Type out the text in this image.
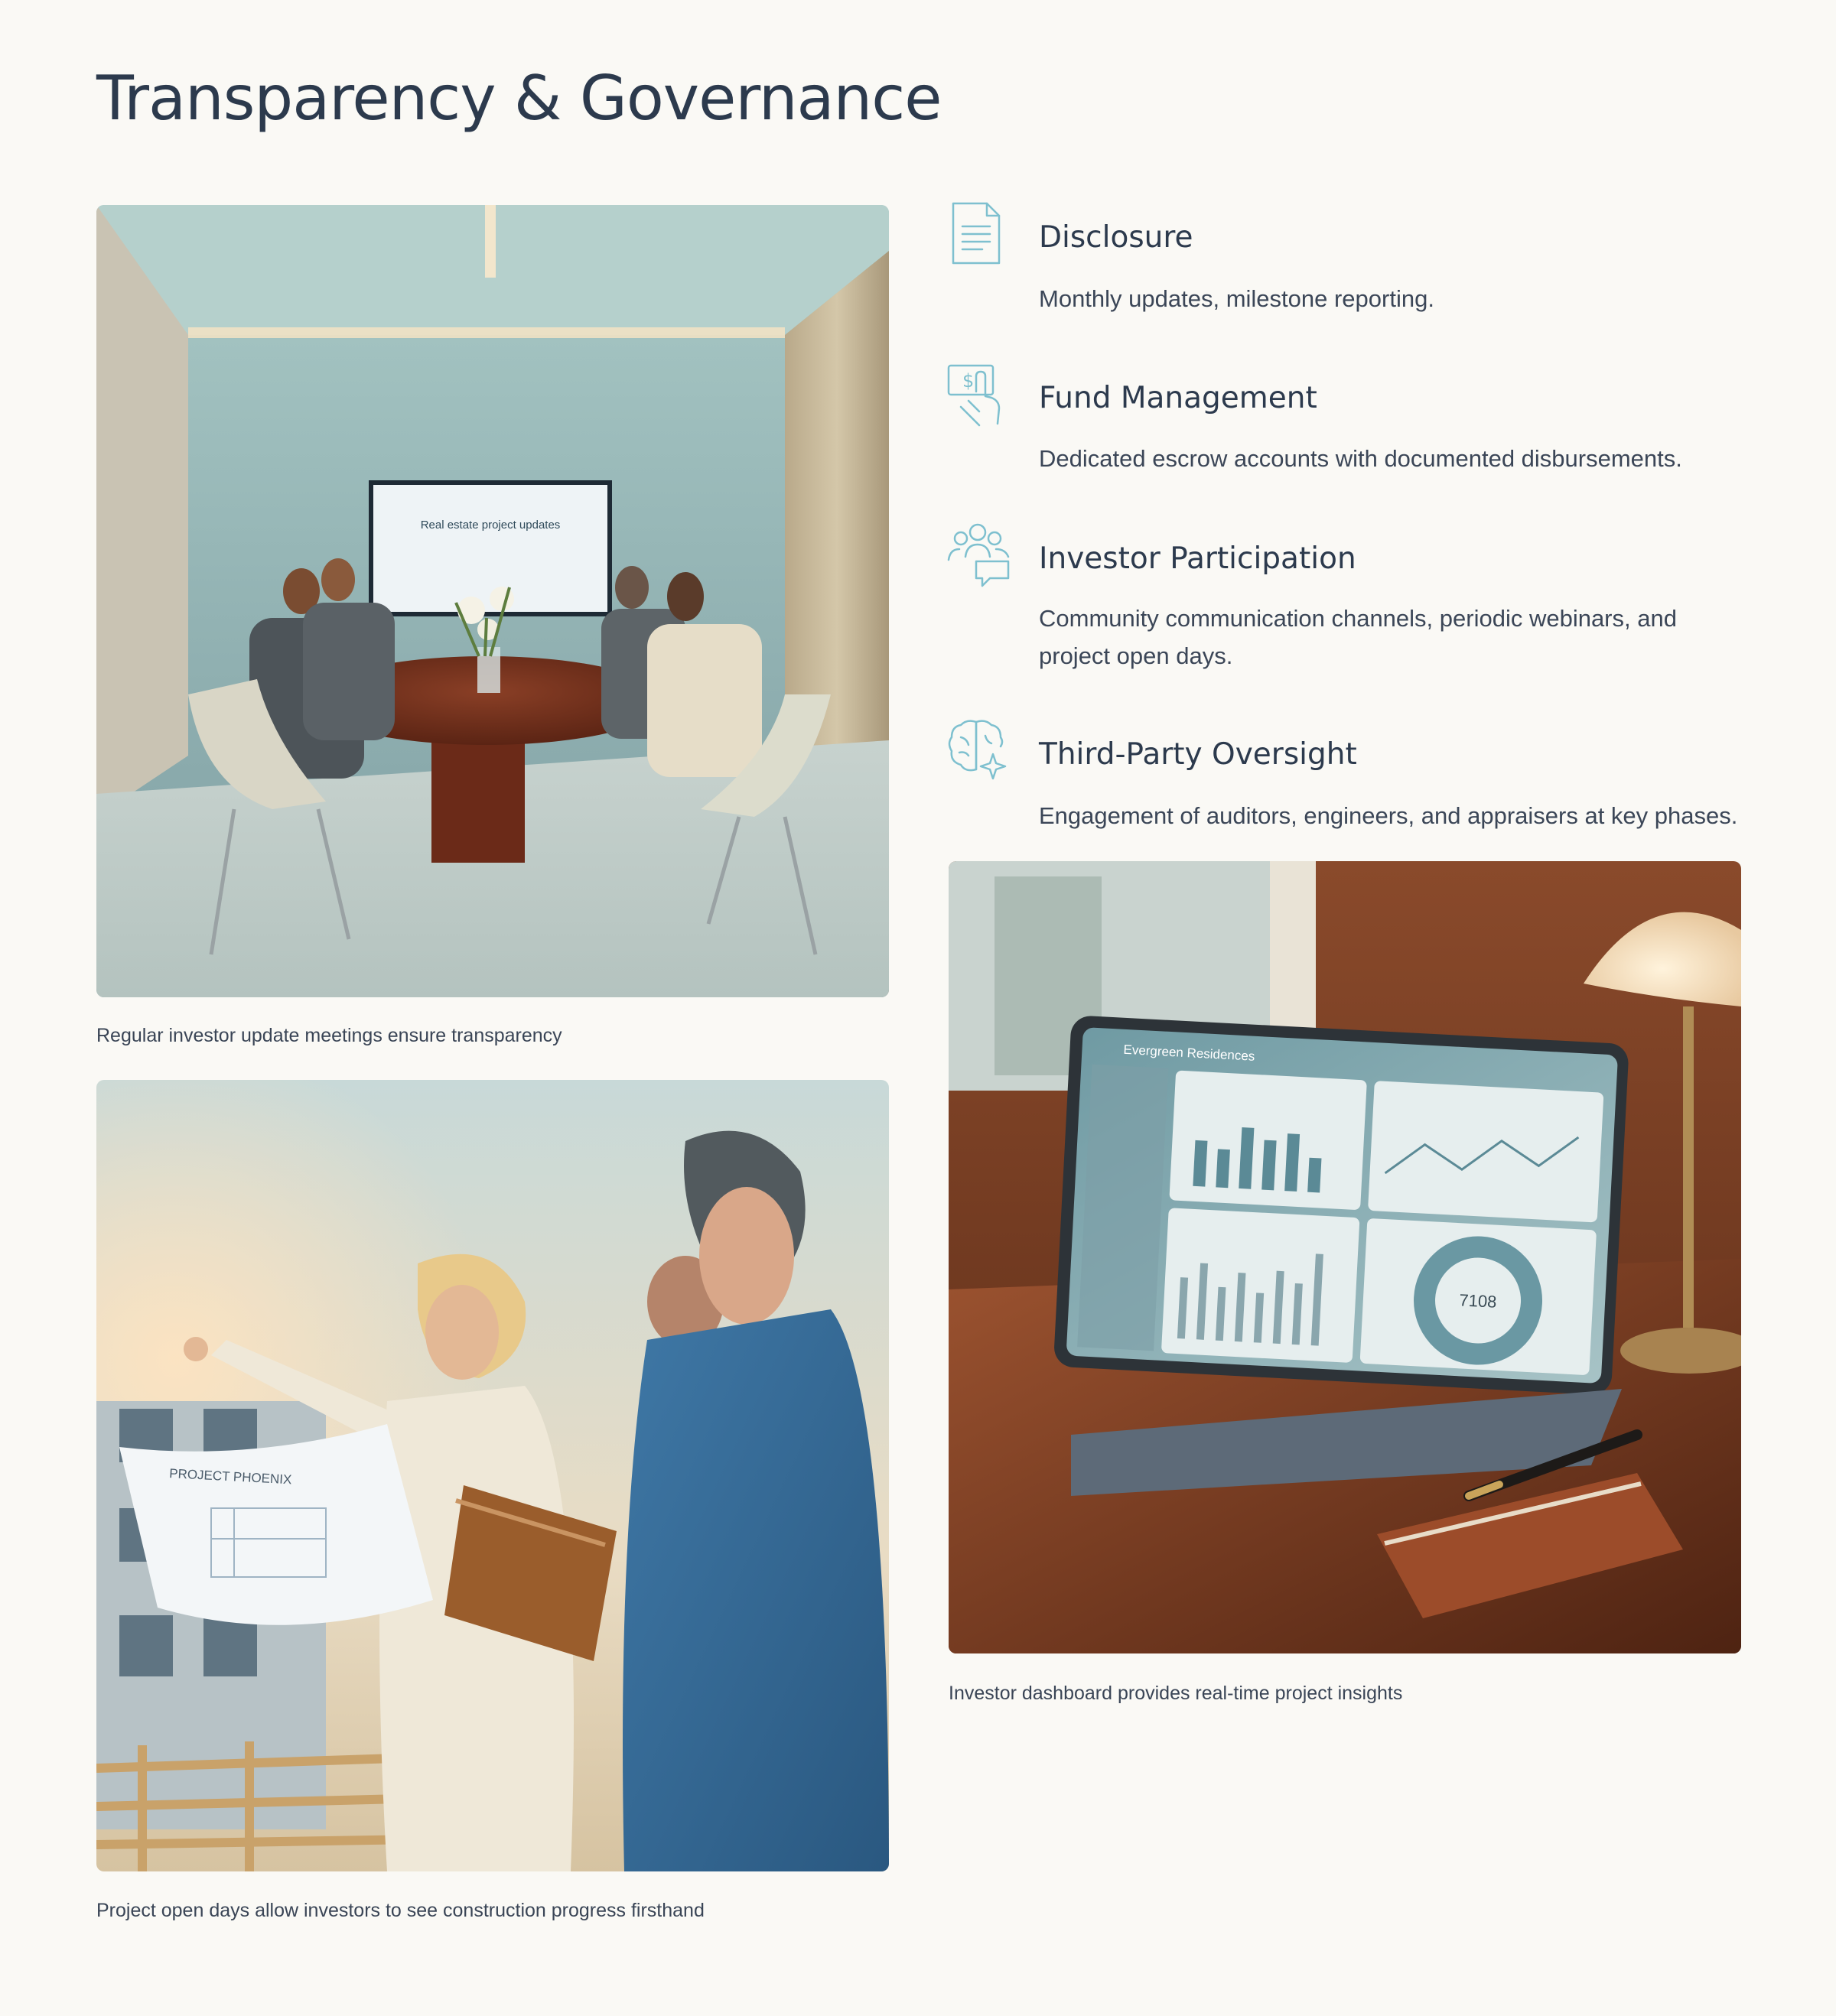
Transparency & Governance
Real estate project updates
Regular investor update meetings ensure transparency
PROJECT PHOENIX
Project open days allow investors to see construction progress firsthand
Disclosure

Monthly updates, milestone reporting.

$ Fund Management

Dedicated escrow accounts with documented disbursements.

Investor Participation

Community communication channels, periodic webinars, and project open days.

Third-Party Oversight

Engagement of auditors, engineers, and appraisers at key phases.

Evergreen Residences
7108
Investor dashboard provides real-time project insights
